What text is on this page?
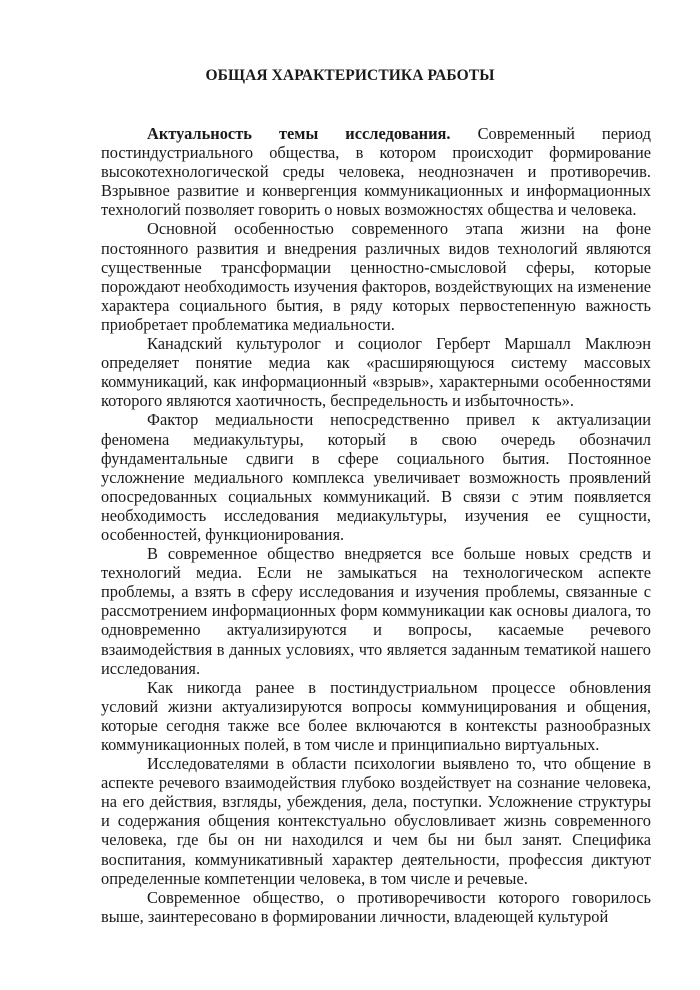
ОБЩАЯ ХАРАКТЕРИСТИКА РАБОТЫ

Актуальность темы исследования. Современный период постиндустриального общества, в котором происходит формирование высокотехнологической среды человека, неоднозначен и противоречив. Взрывное развитие и конвергенция коммуникационных и информационных технологий позволяет говорить о новых возможностях общества и человека.

Основной особенностью современного этапа жизни на фоне постоянного развития и внедрения различных видов технологий являются существенные трансформации ценностно-смысловой сферы, которые порождают необходимость изучения факторов, воздействующих на изменение характера социального бытия, в ряду которых первостепенную важность приобретает проблематика медиальности.

Канадский культуролог и социолог Герберт Маршалл Маклюэн определяет понятие медиа как «расширяющуюся систему массовых коммуникаций, как информационный «взрыв», характерными особенностями которого являются хаотичность, беспредельность и избыточность».

Фактор медиальности непосредственно привел к актуализации феномена медиакультуры, который в свою очередь обозначил фундаментальные сдвиги в сфере социального бытия. Постоянное усложнение медиального комплекса увеличивает возможность проявлений опосредованных социальных коммуникаций. В связи с этим появляется необходимость исследования медиакультуры, изучения ее сущности, особенностей, функционирования.

В современное общество внедряется все больше новых средств и технологий медиа. Если не замыкаться на технологическом аспекте проблемы, а взять в сферу исследования и изучения проблемы, связанные с рассмотрением информационных форм коммуникации как основы диалога, то одновременно актуализируются и вопросы, касаемые речевого взаимодействия в данных условиях, что является заданным тематикой нашего исследования.

Как никогда ранее в постиндустриальном процессе обновления условий жизни актуализируются вопросы коммуницирования и общения, которые сегодня также все более включаются в контексты разнообразных коммуникационных полей, в том числе и принципиально виртуальных.

Исследователями в области психологии выявлено то, что общение в аспекте речевого взаимодействия глубоко воздействует на сознание человека, на его действия, взгляды, убеждения, дела, поступки. Усложнение структуры и содержания общения контекстуально обусловливает жизнь современного человека, где бы он ни находился и чем бы ни был занят. Специфика воспитания, коммуникативный характер деятельности, профессия диктуют определенные компетенции человека, в том числе и речевые.

Современное общество, о противоречивости которого говорилось выше, заинтересовано в формировании личности, владеющей культурой
